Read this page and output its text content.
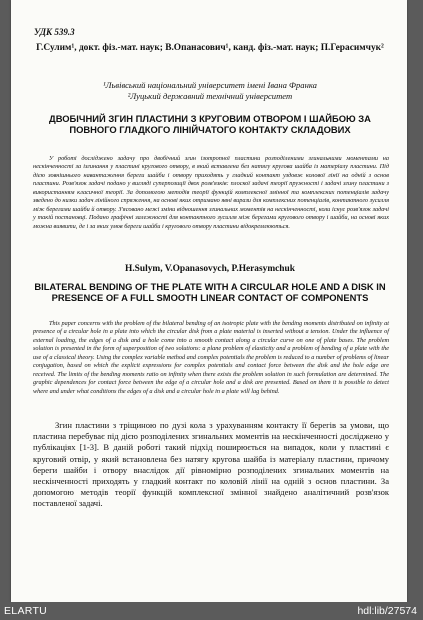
УДК 539.3
Г.Сулим¹, докт. фіз.-мат. наук; В.Опанасович¹, канд. фіз.-мат. наук; П.Герасимчук²
¹Львівський національний університет імені Івана Франка
²Луцький державний технічний університет
ДВОБІЧНИЙ ЗГИН ПЛАСТИНИ З КРУГОВИМ ОТВОРОМ І ШАЙБОЮ ЗА ПОВНОГО ГЛАДКОГО ЛІНІЙЧАТОГО КОНТАКТУ СКЛАДОВИХ
У роботі досліджено задачу про двобічний згин ізотропної пластини розподіленими згинальними моментами на нескінченності за ізгинання у пластині кругового отвору, в який вставлена без натягу кругова шайба із матеріалу пластини. Під дією зовнішнього навантаження береги шайби і отвору приходять у гладкий контакт уздовж колової лінії на одній з основ пластини. Розв'язок задачі подано у вигляді суперпозиції двох розв'язків: плоскої задачі теорії пружності і задачі згину пластини з використанням класичної теорії. За допомогою методів теорії функцій комплексної змінної та комплексних потенціалів задачу зведено до низки задач лінійного спряження, на основі яких отримано явні вирази для комплексних потенціалів, контактного зусилля між берегами шайби й отвору. З'ясовано межі зміни відношення згинальних моментів на нескінченності, коли існує розв'язок задачі у такій постановці. Подано графічні залежності для контактного зусилля між берегами кругового отвору і шайби, на основі яких можна виявити, де і за яких умов береги шайби і кругового отвору пластини відокремлюються.
H.Sulym, V.Opanasovych, P.Herasymchuk
BILATERAL BENDING OF THE PLATE WITH A CIRCULAR HOLE AND A DISK IN PRESENCE OF A FULL SMOOTH LINEAR CONTACT OF COMPONENTS
This paper concerns with the problem of the bilateral bending of an isotropic plate with the bending moments distributed on infinity at presence of a circular hole in a plate into which the circular disk from a plate material is inserted without a tension. Under the influence of external loading, the edges of a disk and a hole come into a smooth contact along a circular curve on one of plate bases. The problem solution is presented in the form of superposition of two solutions: a plane problem of elasticity and a problem of bending of a plate with the use of a classical theory. Using the complex variable method and complex potentials the problem is reduced to a number of problems of linear conjugation, based on which the explicit expressions for complex potentials and contact force between the disk and the hole edge are received. The limits of the bending moments ratio on infinity when there exists the problem solution in such formulation are determined. The graphic dependences for contact force between the edge of a circular hole and a disk are presented. Based on them it is possible to detect where and under what conditions the edges of a disk and a circular hole in a plate will lag behind.
Згин пластини з тріщиною по дузі кола з урахуванням контакту її берегів за умови, що пластина перебуває під дією розподілених згинальних моментів на нескінченності досліджено у публікаціях [1-3]. В даній роботі такий підхід поширюється на випадок, коли у пластині є круговий отвір, у який встановлена без натягу кругова шайба із матеріалу пластини, причому береги шайби і отвору внаслідок дії рівномірно розподілених згинальних моментів на нескінченності приходять у гладкий контакт по коловій лінії на одній з основ пластини. За допомогою методів теорії функцій комплексної змінної знайдено аналітичний розв'язок поставленої задачі.
ELARTU	hdl:lib/27574
